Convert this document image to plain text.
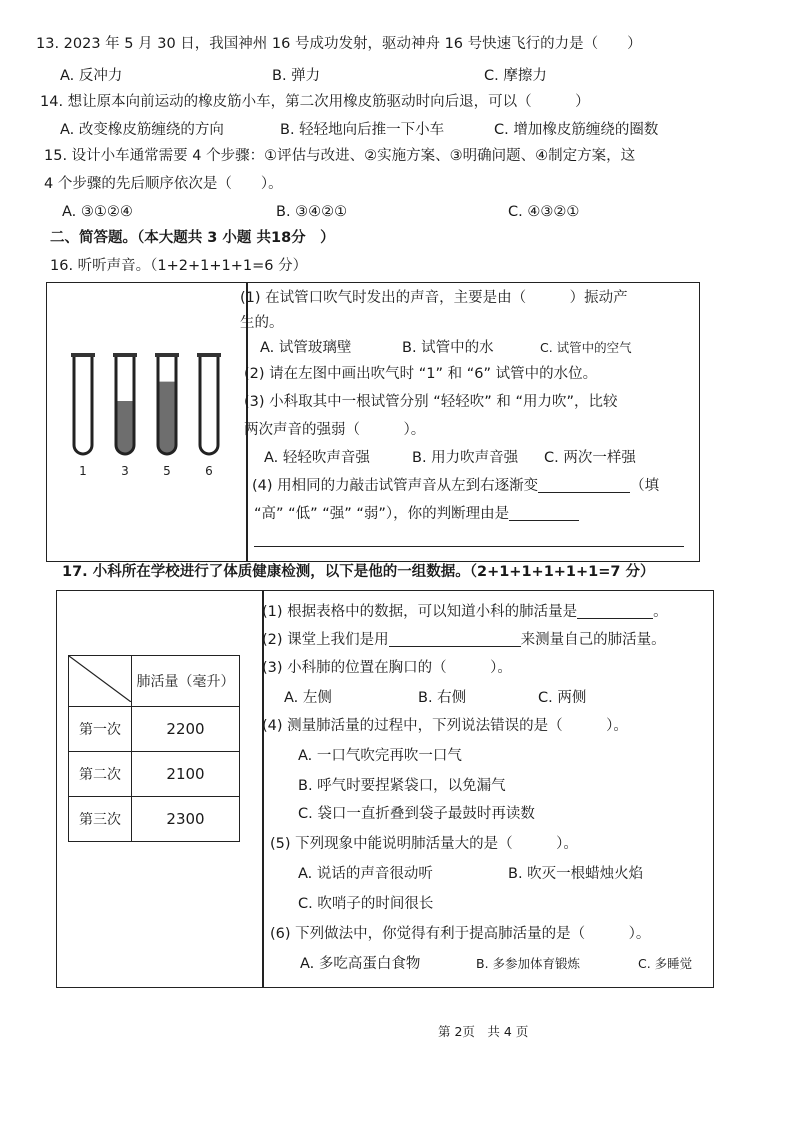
13. 2023 年 5 月 30 日，我国神州 16 号成功发射，驱动神舟 16 号快速飞行的力是（　　）
A. 反冲力	B. 弹力	C. 摩擦力
14. 想让原本向前运动的橡皮筋小车，第二次用橡皮筋驱动时向后退，可以（　　　）
A. 改变橡皮筋缠绕的方向	B. 轻轻地向后推一下小车	C. 增加橡皮筋缠绕的圈数
15. 设计小车通常需要 4 个步骤：①评估与改进、②实施方案、③明确问题、④制定方案，这
4 个步骤的先后顺序依次是（　　）。
A. ③①②④	B. ③④②①	C. ④③②①
二、简答题。（本大题共 3 小题 共18分　）
16. 听听声音。（1+2+1+1+1=6 分）
1	3	5	6
(1) 在试管口吹气时发出的声音，主要是由（　　　）振动产
生的。
A. 试管玻璃壁	B. 试管中的水	C. 试管中的空气
(2) 请在左图中画出吹气时 “1” 和 “6” 试管中的水位。
(3) 小科取其中一根试管分别 “轻轻吹” 和 “用力吹”，比较
两次声音的强弱（　　　）。
A. 轻轻吹声音强	B. 用力吹声音强 C. 两次一样强
(4) 用相同的力敲击试管声音从左到右逐渐变	（填
“高” “低” “强” “弱”），你的判断理由是
17. 小科所在学校进行了体质健康检测，以下是他的一组数据。（2+1+1+1+1+1=7 分）
	肺活量（毫升）
第一次	2200
第二次	2100
第三次	2300
(1) 根据表格中的数据，可以知道小科的肺活量是	。
(2) 课堂上我们是用	来测量自己的肺活量。
(3) 小科肺的位置在胸口的（　　　）。
A. 左侧	B. 右侧	C. 两侧
(4) 测量肺活量的过程中，下列说法错误的是（　　　）。
A. 一口气吹完再吹一口气
B. 呼气时要捏紧袋口，以免漏气
C. 袋口一直折叠到袋子最鼓时再读数
(5) 下列现象中能说明肺活量大的是（　　　）。
A. 说话的声音很动听	B. 吹灭一根蜡烛火焰
C. 吹哨子的时间很长
(6) 下列做法中，你觉得有利于提高肺活量的是（　　　）。
A. 多吃高蛋白食物	B. 多参加体育锻炼	C. 多睡觉
第 2页　共 4 页
